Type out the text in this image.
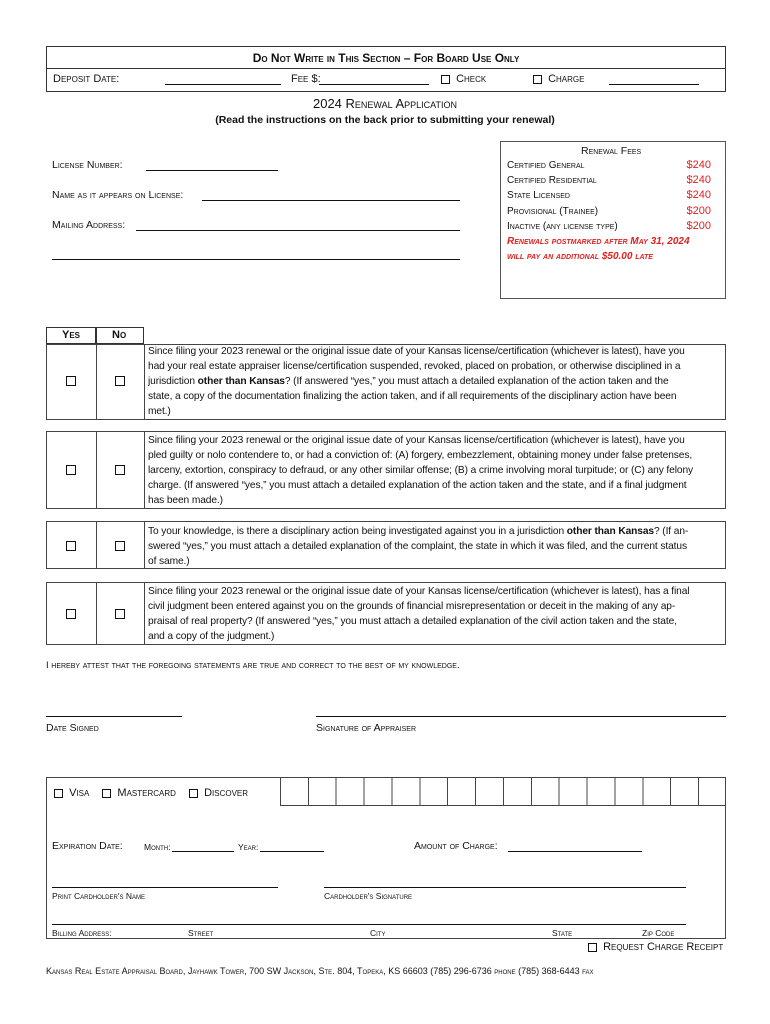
Do Not Write in This Section – For Board Use Only
Deposit Date:	Fee $:	Check	Charge
2024 Renewal Application
(Read the instructions on the back prior to submitting your renewal)
License Number:
Name as it appears on License:
Mailing Address:
Renewal Fees
Certified General	$240
Certified Residential	$240
State Licensed	$240
Provisional (Trainee)	$200
Inactive (any license type)	$200
Renewals postmarked after May 31, 2024
will pay an additional $50.00 late
Yes	No
Since filing your 2023 renewal or the original issue date of your Kansas license/certification (whichever is latest), have you
had your real estate appraiser license/certification suspended, revoked, placed on probation, or otherwise disciplined in a
jurisdiction other than Kansas? (If answered “yes,” you must attach a detailed explanation of the action taken and the
state, a copy of the documentation finalizing the action taken, and if all requirements of the disciplinary action have been
met.)
Since filing your 2023 renewal or the original issue date of your Kansas license/certification (whichever is latest), have you
pled guilty or nolo contendere to, or had a conviction of: (A) forgery, embezzlement, obtaining money under false pretenses,
larceny, extortion, conspiracy to defraud, or any other similar offense; (B) a crime involving moral turpitude; or (C) any felony
charge. (If answered “yes,” you must attach a detailed explanation of the action taken and the state, and if a final judgment
has been made.)
To your knowledge, is there a disciplinary action being investigated against you in a jurisdiction other than Kansas? (If an-
swered “yes,” you must attach a detailed explanation of the complaint, the state in which it was filed, and the current status
of same.)
Since filing your 2023 renewal or the original issue date of your Kansas license/certification (whichever is latest), has a final
civil judgment been entered against you on the grounds of financial misrepresentation or deceit in the making of any ap-
praisal of real property? (If answered “yes,” you must attach a detailed explanation of the civil action taken and the state,
and a copy of the judgment.)
I hereby attest that the foregoing statements are true and correct to the best of my knowledge.
Date Signed	Signature of Appraiser
Visa	Mastercard	Discover
Expiration Date:	Month:	Year:	Amount of Charge:
Print Cardholder's Name	Cardholder's Signature
Billing Address:	Street	City	State	Zip Code
Request Charge Receipt
Kansas Real Estate Appraisal Board, Jayhawk Tower, 700 SW Jackson, Ste. 804, Topeka, KS 66603 (785) 296-6736 phone (785) 368-6443 fax
